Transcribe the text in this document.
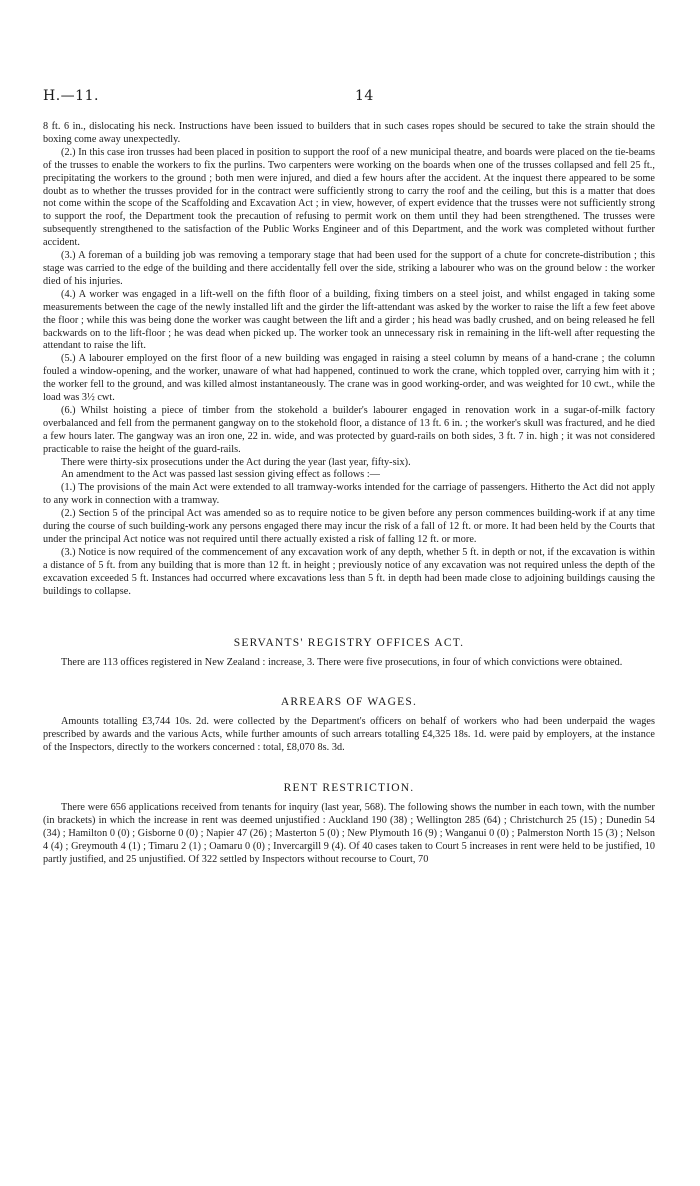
H.—11.	14

8 ft. 6 in., dislocating his neck. Instructions have been issued to builders that in such cases ropes should be secured to take the strain should the boxing come away unexpectedly.

(2.) In this case iron trusses had been placed in position to support the roof of a new municipal theatre, and boards were placed on the tie-beams of the trusses to enable the workers to fix the purlins. Two carpenters were working on the boards when one of the trusses collapsed and fell 25 ft., precipitating the workers to the ground ; both men were injured, and died a few hours after the accident. At the inquest there appeared to be some doubt as to whether the trusses provided for in the contract were sufficiently strong to carry the roof and the ceiling, but this is a matter that does not come within the scope of the Scaffolding and Excavation Act ; in view, however, of expert evidence that the trusses were not sufficiently strong to support the roof, the Department took the precaution of refusing to permit work on them until they had been strengthened. The trusses were subsequently strengthened to the satisfaction of the Public Works Engineer and of this Department, and the work was completed without further accident.

(3.) A foreman of a building job was removing a temporary stage that had been used for the support of a chute for concrete-distribution ; this stage was carried to the edge of the building and there accidentally fell over the side, striking a labourer who was on the ground below : the worker died of his injuries.

(4.) A worker was engaged in a lift-well on the fifth floor of a building, fixing timbers on a steel joist, and whilst engaged in taking some measurements between the cage of the newly installed lift and the girder the lift-attendant was asked by the worker to raise the lift a few feet above the floor ; while this was being done the worker was caught between the lift and a girder ; his head was badly crushed, and on being released he fell backwards on to the lift-floor ; he was dead when picked up. The worker took an unnecessary risk in remaining in the lift-well after requesting the attendant to raise the lift.

(5.) A labourer employed on the first floor of a new building was engaged in raising a steel column by means of a hand-crane ; the column fouled a window-opening, and the worker, unaware of what had happened, continued to work the crane, which toppled over, carrying him with it ; the worker fell to the ground, and was killed almost instantaneously. The crane was in good working-order, and was weighted for 10 cwt., while the load was 3½ cwt.

(6.) Whilst hoisting a piece of timber from the stokehold a builder's labourer engaged in renovation work in a sugar-of-milk factory overbalanced and fell from the permanent gangway on to the stokehold floor, a distance of 13 ft. 6 in. ; the worker's skull was fractured, and he died a few hours later. The gangway was an iron one, 22 in. wide, and was protected by guard-rails on both sides, 3 ft. 7 in. high ; it was not considered practicable to raise the height of the guard-rails.

There were thirty-six prosecutions under the Act during the year (last year, fifty-six).

An amendment to the Act was passed last session giving effect as follows :—

(1.) The provisions of the main Act were extended to all tramway-works intended for the carriage of passengers. Hitherto the Act did not apply to any work in connection with a tramway.

(2.) Section 5 of the principal Act was amended so as to require notice to be given before any person commences building-work if at any time during the course of such building-work any persons engaged there may incur the risk of a fall of 12 ft. or more. It had been held by the Courts that under the principal Act notice was not required until there actually existed a risk of falling 12 ft. or more.

(3.) Notice is now required of the commencement of any excavation work of any depth, whether 5 ft. in depth or not, if the excavation is within a distance of 5 ft. from any building that is more than 12 ft. in height ; previously notice of any excavation was not required unless the depth of the excavation exceeded 5 ft. Instances had occurred where excavations less than 5 ft. in depth had been made close to adjoining buildings causing the buildings to collapse.

SERVANTS' REGISTRY OFFICES ACT.

There are 113 offices registered in New Zealand : increase, 3. There were five prosecutions, in four of which convictions were obtained.

ARREARS OF WAGES.

Amounts totalling £3,744 10s. 2d. were collected by the Department's officers on behalf of workers who had been underpaid the wages prescribed by awards and the various Acts, while further amounts of such arrears totalling £4,325 18s. 1d. were paid by employers, at the instance of the Inspectors, directly to the workers concerned : total, £8,070 8s. 3d.

RENT RESTRICTION.

There were 656 applications received from tenants for inquiry (last year, 568). The following shows the number in each town, with the number (in brackets) in which the increase in rent was deemed unjustified : Auckland 190 (38) ; Wellington 285 (64) ; Christchurch 25 (15) ; Dunedin 54 (34) ; Hamilton 0 (0) ; Gisborne 0 (0) ; Napier 47 (26) ; Masterton 5 (0) ; New Plymouth 16 (9) ; Wanganui 0 (0) ; Palmerston North 15 (3) ; Nelson 4 (4) ; Greymouth 4 (1) ; Timaru 2 (1) ; Oamaru 0 (0) ; Invercargill 9 (4). Of 40 cases taken to Court 5 increases in rent were held to be justified, 10 partly justified, and 25 unjustified. Of 322 settled by Inspectors without recourse to Court, 70
